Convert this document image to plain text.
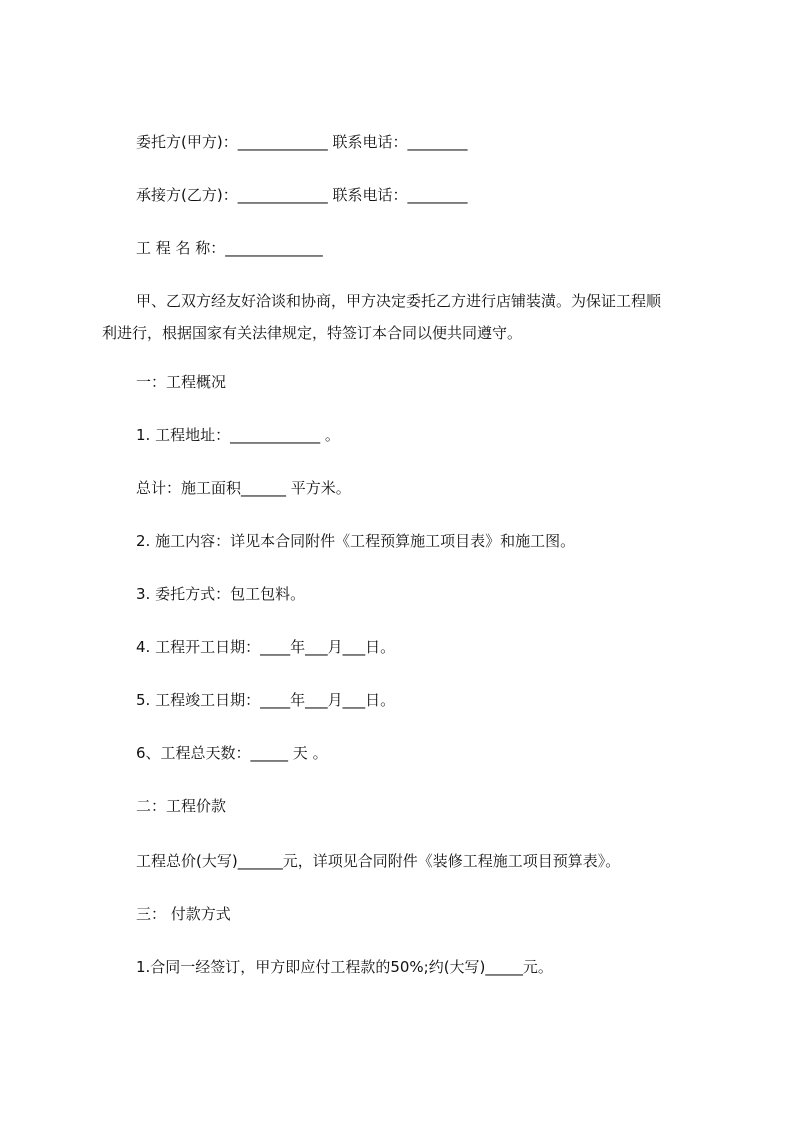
委托方(甲方)：____________ 联系电话：________
承接方(乙方)：____________ 联系电话：________
工 程 名 称：_____________
甲、乙双方经友好洽谈和协商，甲方决定委托乙方进行店铺装潢。为保证工程顺
利进行，根据国家有关法律规定，特签订本合同以便共同遵守。
一：工程概况
1. 工程地址：____________ 。
总计：施工面积______ 平方米。
2. 施工内容：详见本合同附件《工程预算施工项目表》和施工图。
3. 委托方式：包工包料。
4. 工程开工日期：____年___月___日。
5. 工程竣工日期：____年___月___日。
6、工程总天数：_____ 天 。
二：工程价款
工程总价(大写)______元，详项见合同附件《装修工程施工项目预算表》。
三： 付款方式
1.合同一经签订，甲方即应付工程款的50%;约(大写)_____元。
